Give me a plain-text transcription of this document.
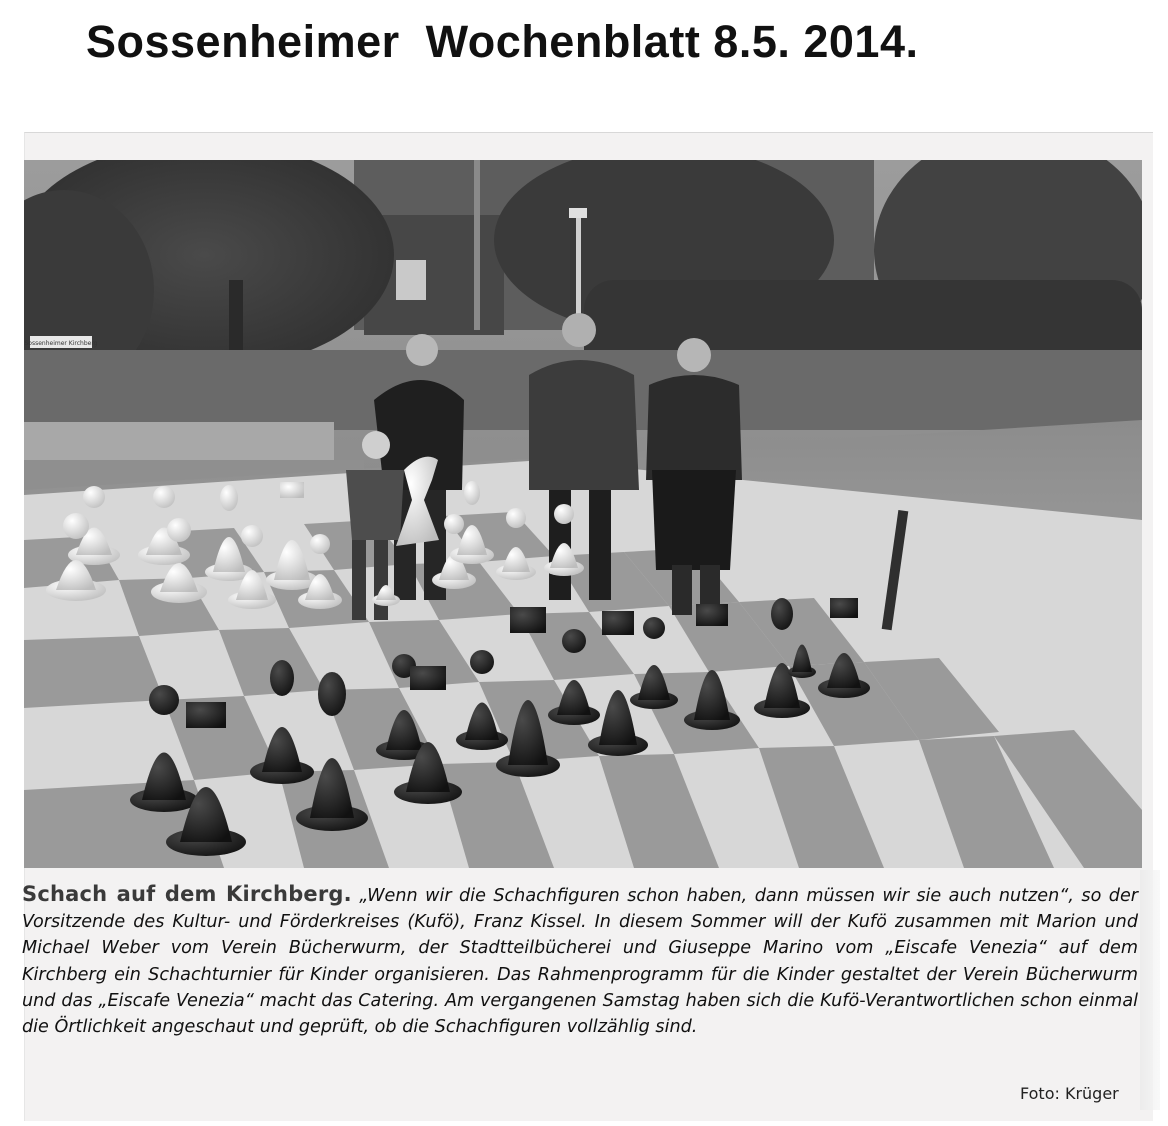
Sossenheimer  Wochenblatt 8.5. 2014.
Sossenheimer Kirchberg
Schach auf dem Kirchberg. „Wenn wir die Schachfiguren schon haben, dann müssen wir sie auch nutzen“, so der Vorsitzende des Kultur- und Förderkreises (Kufö), Franz Kissel. In diesem Sommer will der Kufö zusammen mit Marion und Michael Weber vom Verein Bücherwurm, der Stadtteilbücherei und Giuseppe Marino vom „Eiscafe Venezia“ auf dem Kirchberg ein Schachturnier für Kinder organisieren. Das Rahmenprogramm für die Kinder gestaltet der Verein Bücherwurm und das „Eiscafe Venezia“ macht das Catering. Am vergangenen Samstag haben sich die Kufö-Verantwortlichen schon einmal die Örtlichkeit angeschaut und geprüft, ob die Schachfiguren vollzählig sind.
Foto: Krüger
